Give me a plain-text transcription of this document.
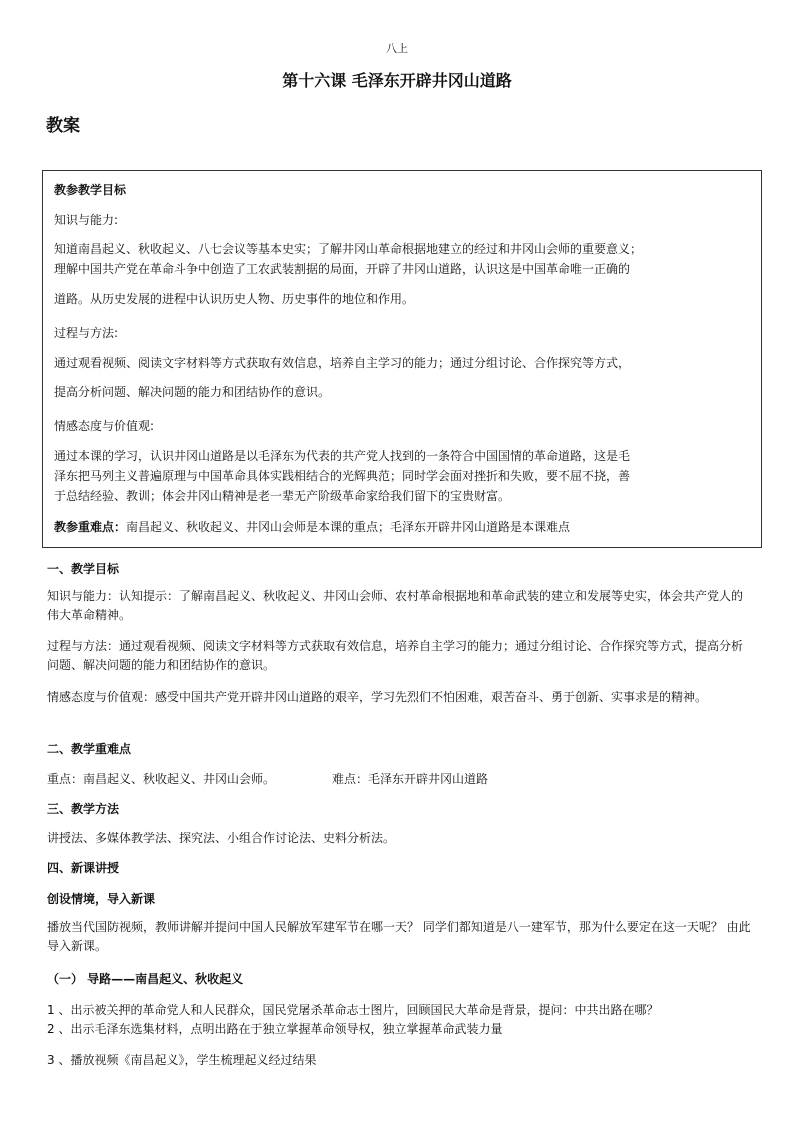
八上
第十六课 毛泽东开辟井冈山道路
教案
教参教学目标
知识与能力:
知道南昌起义、秋收起义、八七会议等基本史实；了解井冈山革命根据地建立的经过和井冈山会师的重要意义；
理解中国共产党在革命斗争中创造了工农武装割据的局面，开辟了井冈山道路，认识这是中国革命唯一正确的
道路。从历史发展的进程中认识历史人物、历史事件的地位和作用。
过程与方法:
通过观看视频、阅读文字材料等方式获取有效信息，培养自主学习的能力；通过分组讨论、合作探究等方式，
提高分析问题、解决问题的能力和团结协作的意识。
情感态度与价值观:
通过本课的学习，认识井冈山道路是以毛泽东为代表的共产党人找到的一条符合中国国情的革命道路，这是毛
泽东把马列主义普遍原理与中国革命具体实践相结合的光辉典范；同时学会面对挫折和失败，要不屈不挠，善
于总结经验、教训；体会井冈山精神是老一辈无产阶级革命家给我们留下的宝贵财富。
教参重难点：南昌起义、秋收起义、井冈山会师是本课的重点；毛泽东开辟井冈山道路是本课难点
一、教学目标
知识与能力：认知提示：了解南昌起义、秋收起义、井冈山会师、农村革命根据地和革命武装的建立和发展等史实，体会共产党人的伟大革命精神。
过程与方法：通过观看视频、阅读文字材料等方式获取有效信息，培养自主学习的能力；通过分组讨论、合作探究等方式，提高分析问题、解决问题的能力和团结协作的意识。
情感态度与价值观：感受中国共产党开辟井冈山道路的艰辛，学习先烈们不怕困难，艰苦奋斗、勇于创新、实事求是的精神。
二、教学重难点
重点：南昌起义、秋收起义、井冈山会师。	难点：毛泽东开辟井冈山道路
三、教学方法
讲授法、多媒体教学法、探究法、小组合作讨论法、史料分析法。
四、新课讲授
创设情境，导入新课
播放当代国防视频，教师讲解并提问中国人民解放军建军节在哪一天？ 同学们都知道是八一建军节，那为什么要定在这一天呢？ 由此导入新课。
（一） 导路——南昌起义、秋收起义
1 、出示被关押的革命党人和人民群众，国民党屠杀革命志士图片，回顾国民大革命是背景，提问：中共出路在哪？
2 、出示毛泽东选集材料，点明出路在于独立掌握革命领导权，独立掌握革命武装力量
3 、播放视频《南昌起义》，学生梳理起义经过结果
